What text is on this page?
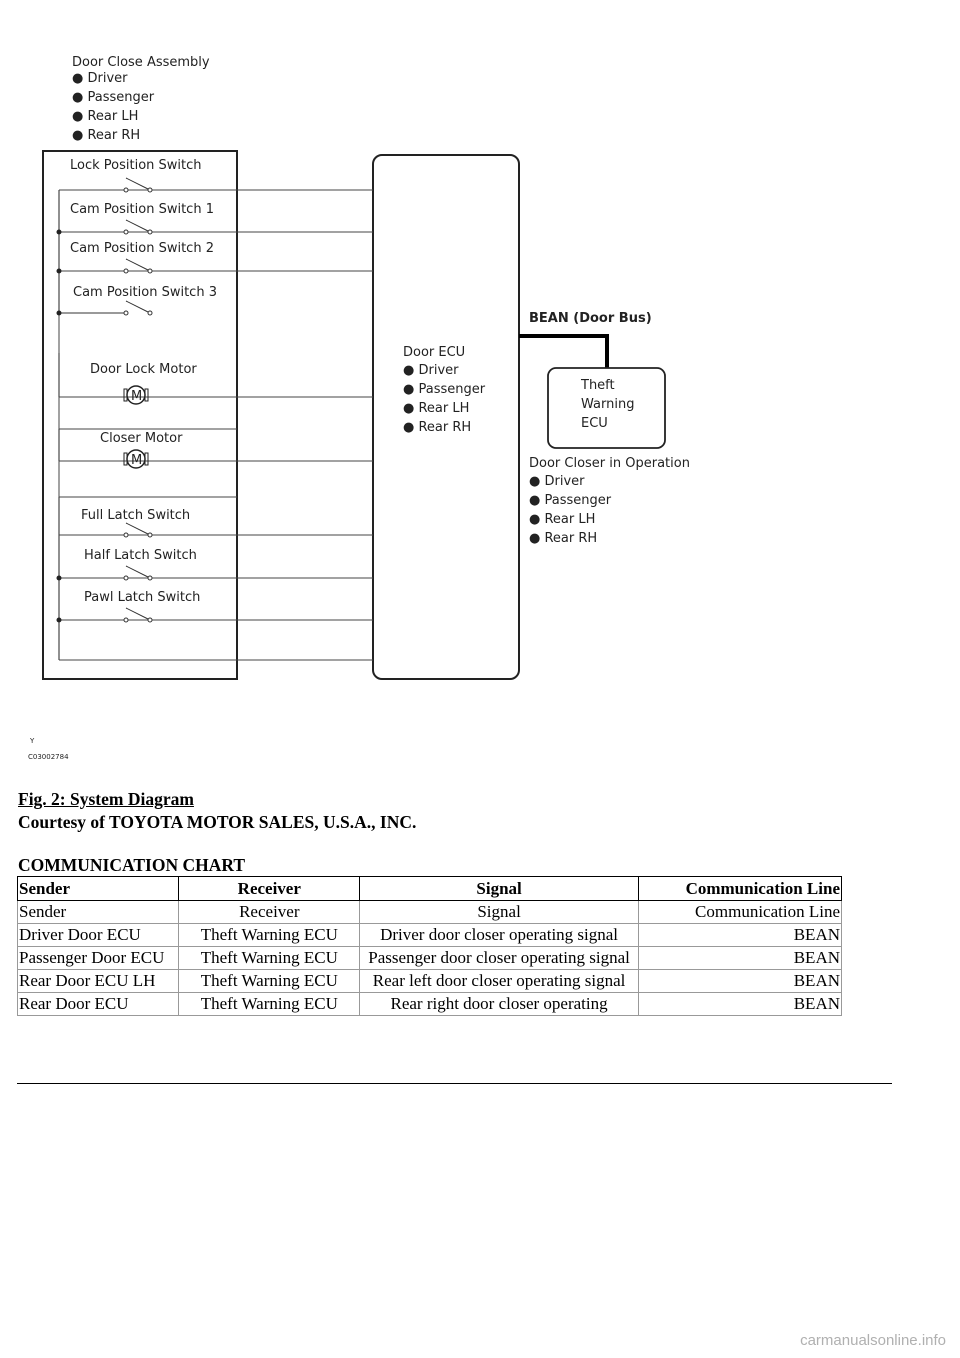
Door Close Assembly
● Driver
● Passenger
● Rear LH
● Rear RH
Lock Position Switch
Cam Position Switch 1
Cam Position Switch 2
Cam Position Switch 3
Door Lock Motor
M
Closer Motor
M
Full Latch Switch
Half Latch Switch
Pawl Latch Switch
Door ECU
● Driver
● Passenger
● Rear LH
● Rear RH
BEAN (Door Bus)
Theft
Warning
ECU
Door Closer in Operation
● Driver
● Passenger
● Rear LH
● Rear RH
Y
C03002784
Fig. 2: System Diagram
Courtesy of TOYOTA MOTOR SALES, U.S.A., INC.
COMMUNICATION CHART
Sender	Receiver	Signal	Communication Line
Sender	Receiver	Signal	Communication Line
Driver Door ECU	Theft Warning ECU	Driver door closer operating signal	BEAN
Passenger Door ECU	Theft Warning ECU	Passenger door closer operating signal	BEAN
Rear Door ECU LH	Theft Warning ECU	Rear left door closer operating signal	BEAN
Rear Door ECU	Theft Warning ECU	Rear right door closer operating	BEAN
carmanualsonline.info
